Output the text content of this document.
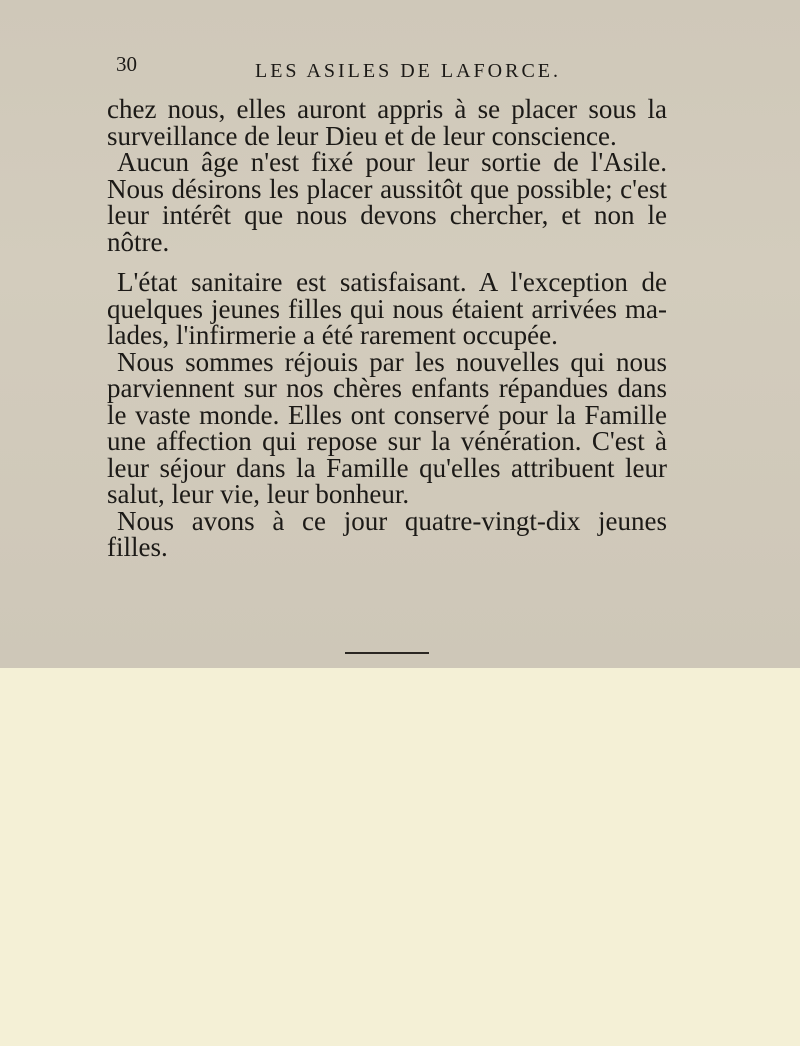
30	LES ASILES DE LAFORCE.
chez nous, elles auront appris à se placer sous la
surveillance de leur Dieu et de leur conscience.
Aucun âge n'est fixé pour leur sortie de l'Asile.
Nous désirons les placer aussitôt que possible; c'est
leur intérêt que nous devons chercher, et non le
nôtre.
L'état sanitaire est satisfaisant. A l'exception de
quelques jeunes filles qui nous étaient arrivées ma-
lades, l'infirmerie a été rarement occupée.
Nous sommes réjouis par les nouvelles qui nous
parviennent sur nos chères enfants répandues dans
le vaste monde. Elles ont conservé pour la Famille
une affection qui repose sur la vénération. C'est à
leur séjour dans la Famille qu'elles attribuent leur
salut, leur vie, leur bonheur.
Nous avons à ce jour quatre-vingt-dix jeunes
filles.
